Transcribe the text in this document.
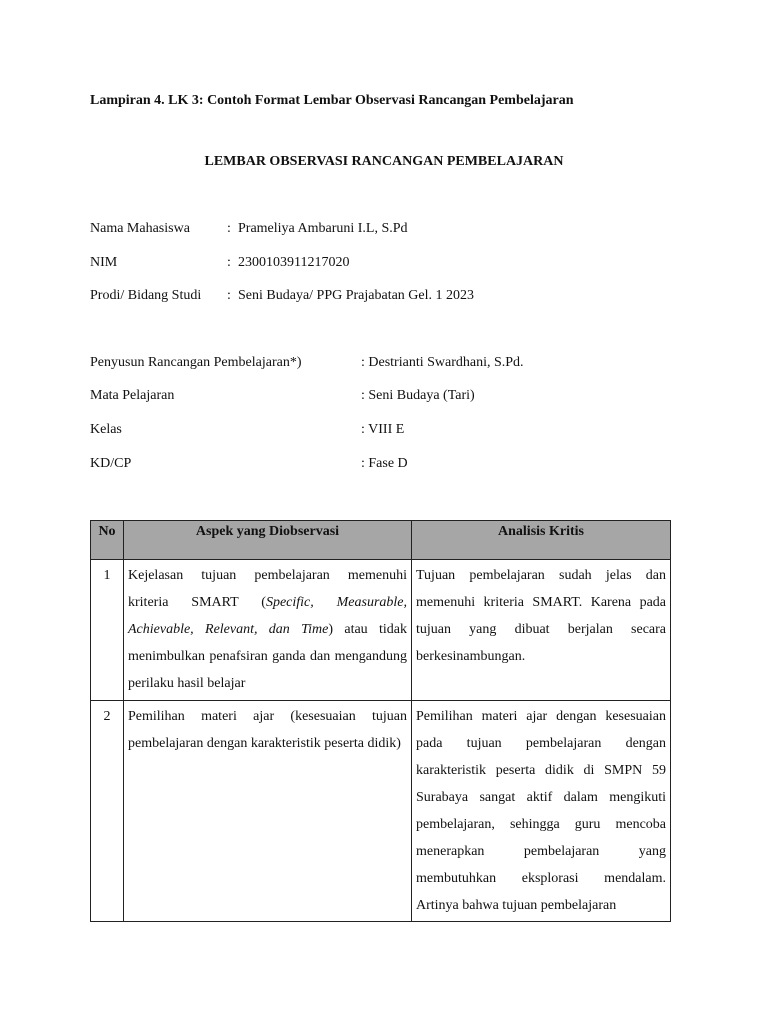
Lampiran 4. LK 3: Contoh Format Lembar Observasi Rancangan Pembelajaran
LEMBAR OBSERVASI RANCANGAN PEMBELAJARAN
Nama Mahasiswa	: Prameliya Ambaruni I.L, S.Pd
NIM	: 2300103911217020
Prodi/ Bidang Studi : Seni Budaya/ PPG Prajabatan Gel. 1 2023
Penyusun Rancangan Pembelajaran*)	: Destrianti Swardhani, S.Pd.
Mata Pelajaran	: Seni Budaya (Tari)
Kelas	: VIII E
KD/CP	: Fase D
No	Aspek yang Diobservasi	Analisis Kritis
1	Kejelasan tujuan pembelajaran memenuhi kriteria SMART (Specific, Measurable, Achievable, Relevant, dan Time) atau tidak menimbulkan penafsiran ganda dan mengandung perilaku hasil belajar	Tujuan pembelajaran sudah jelas dan memenuhi kriteria SMART. Karena pada tujuan yang dibuat berjalan secara berkesinambungan.
2	Pemilihan materi ajar (kesesuaian tujuan pembelajaran dengan karakteristik peserta didik)	Pemilihan materi ajar dengan kesesuaian pada tujuan pembelajaran dengan karakteristik peserta didik di SMPN 59 Surabaya sangat aktif dalam mengikuti pembelajaran, sehingga guru mencoba menerapkan pembelajaran yang membutuhkan eksplorasi mendalam. Artinya bahwa tujuan pembelajaran
